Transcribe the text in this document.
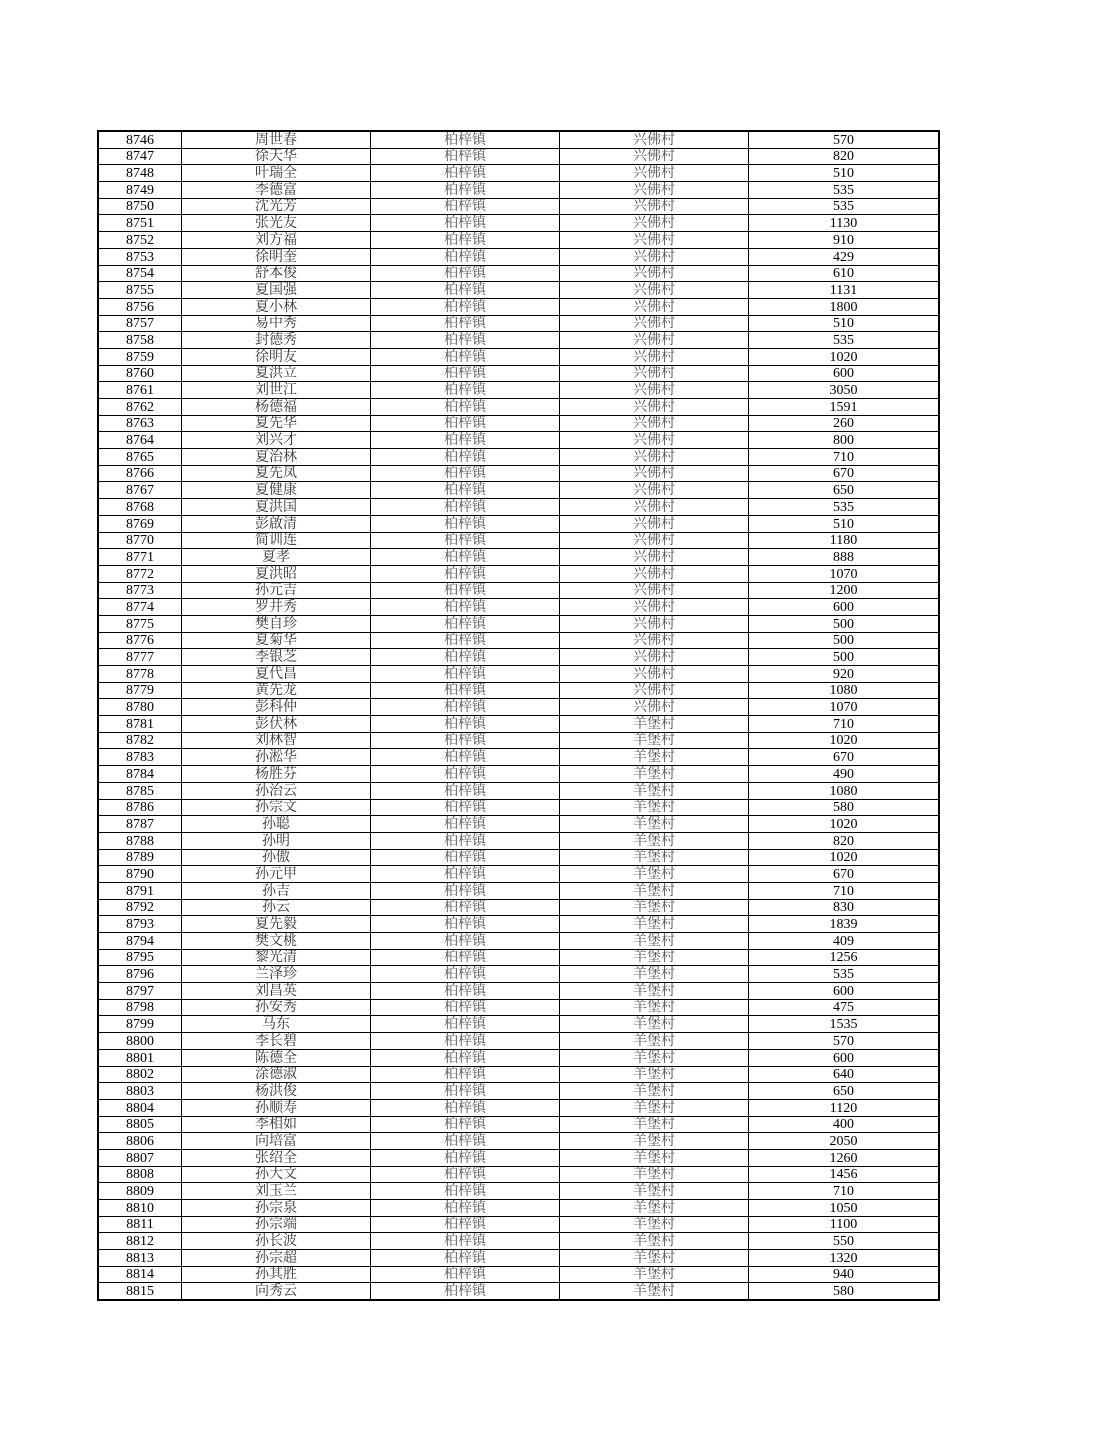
8746	周世春	柏梓镇	兴佛村	570
8747	徐天华	柏梓镇	兴佛村	820
8748	叶瑞全	柏梓镇	兴佛村	510
8749	李德富	柏梓镇	兴佛村	535
8750	沈光芳	柏梓镇	兴佛村	535
8751	张光友	柏梓镇	兴佛村	1130
8752	刘方福	柏梓镇	兴佛村	910
8753	徐明奎	柏梓镇	兴佛村	429
8754	舒本俊	柏梓镇	兴佛村	610
8755	夏国强	柏梓镇	兴佛村	1131
8756	夏小林	柏梓镇	兴佛村	1800
8757	易中秀	柏梓镇	兴佛村	510
8758	封德秀	柏梓镇	兴佛村	535
8759	徐明友	柏梓镇	兴佛村	1020
8760	夏洪立	柏梓镇	兴佛村	600
8761	刘世江	柏梓镇	兴佛村	3050
8762	杨德福	柏梓镇	兴佛村	1591
8763	夏先华	柏梓镇	兴佛村	260
8764	刘兴才	柏梓镇	兴佛村	800
8765	夏治林	柏梓镇	兴佛村	710
8766	夏先凤	柏梓镇	兴佛村	670
8767	夏健康	柏梓镇	兴佛村	650
8768	夏洪国	柏梓镇	兴佛村	535
8769	彭啟清	柏梓镇	兴佛村	510
8770	简训连	柏梓镇	兴佛村	1180
8771	夏孝	柏梓镇	兴佛村	888
8772	夏洪昭	柏梓镇	兴佛村	1070
8773	孙元吉	柏梓镇	兴佛村	1200
8774	罗井秀	柏梓镇	兴佛村	600
8775	樊自珍	柏梓镇	兴佛村	500
8776	夏菊华	柏梓镇	兴佛村	500
8777	李银芝	柏梓镇	兴佛村	500
8778	夏代昌	柏梓镇	兴佛村	920
8779	黄先龙	柏梓镇	兴佛村	1080
8780	彭科仲	柏梓镇	兴佛村	1070
8781	彭伏林	柏梓镇	羊堡村	710
8782	刘林智	柏梓镇	羊堡村	1020
8783	孙淞华	柏梓镇	羊堡村	670
8784	杨胜芬	柏梓镇	羊堡村	490
8785	孙治云	柏梓镇	羊堡村	1080
8786	孙宗文	柏梓镇	羊堡村	580
8787	孙聪	柏梓镇	羊堡村	1020
8788	孙明	柏梓镇	羊堡村	820
8789	孙傲	柏梓镇	羊堡村	1020
8790	孙元甲	柏梓镇	羊堡村	670
8791	孙吉	柏梓镇	羊堡村	710
8792	孙云	柏梓镇	羊堡村	830
8793	夏先毅	柏梓镇	羊堡村	1839
8794	樊文桃	柏梓镇	羊堡村	409
8795	黎光清	柏梓镇	羊堡村	1256
8796	兰泽珍	柏梓镇	羊堡村	535
8797	刘昌英	柏梓镇	羊堡村	600
8798	孙安秀	柏梓镇	羊堡村	475
8799	马东	柏梓镇	羊堡村	1535
8800	李长碧	柏梓镇	羊堡村	570
8801	陈德全	柏梓镇	羊堡村	600
8802	涂德淑	柏梓镇	羊堡村	640
8803	杨洪俊	柏梓镇	羊堡村	650
8804	孙顺寿	柏梓镇	羊堡村	1120
8805	李相如	柏梓镇	羊堡村	400
8806	向培富	柏梓镇	羊堡村	2050
8807	张绍全	柏梓镇	羊堡村	1260
8808	孙大文	柏梓镇	羊堡村	1456
8809	刘玉兰	柏梓镇	羊堡村	710
8810	孙宗泉	柏梓镇	羊堡村	1050
8811	孙宗端	柏梓镇	羊堡村	1100
8812	孙长波	柏梓镇	羊堡村	550
8813	孙宗超	柏梓镇	羊堡村	1320
8814	孙其胜	柏梓镇	羊堡村	940
8815	向秀云	柏梓镇	羊堡村	580
